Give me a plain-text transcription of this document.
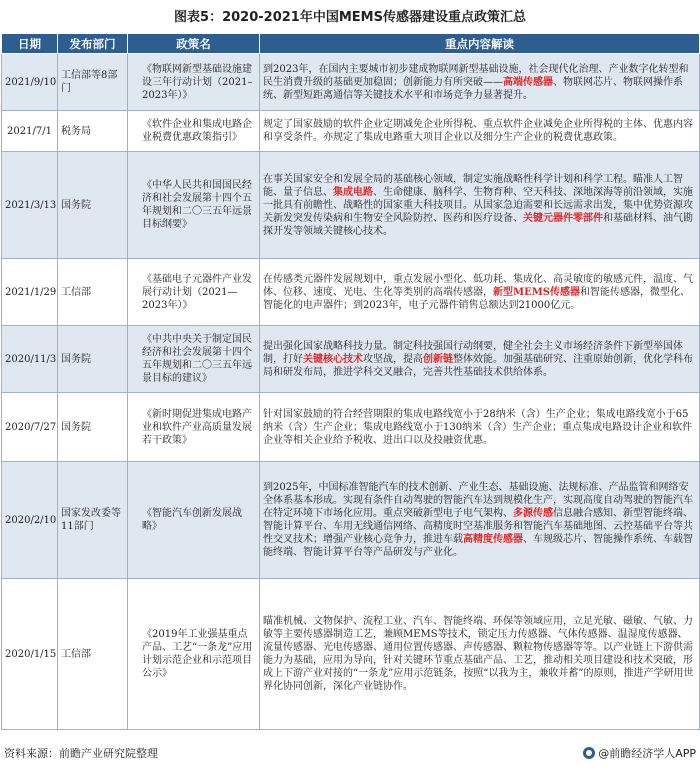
图表5：2020-2021年中国MEMS传感器建设重点政策汇总
日期	发布部门	政策名	重点内容解读
2021/9/10	工信部等8部门	《物联网新型基础设施建设三年行动计划（2021–2023年）》	到2023年，在国内主要城市初步建成物联网新型基础设施，社会现代化治理、产业数字化转型和民生消费升级的基础更加稳固；创新能力有所突破——高端传感器、物联网芯片、物联网操作系统、新型短距离通信等关键技术水平和市场竞争力显著提升。
2021/7/1	税务局	《软件企业和集成电路企业税费优惠政策指引》	规定了国家鼓励的软件企业定期减免企业所得税、重点软件企业减免企业所得税的主体、优惠内容和享受条件。亦规定了集成电路重大项目企业以及细分生产企业的税费优惠政策。
2021/3/13	国务院	《中华人民共和国国民经济和社会发展第十四个五年规划和二〇三五年远景目标纲要》	在事关国家安全和发展全局的基础核心领域，制定实施战略性科学计划和科学工程。瞄准人工智能、量子信息、集成电路、生命健康、脑科学、生物育种、空天科技、深地深海等前沿领域，实施一批具有前瞻性、战略性的国家重大科技项目。从国家急迫需要和长远需求出发，集中优势资源攻关新发突发传染病和生物安全风险防控、医药和医疗设备、关键元器件零部件和基础材料、油气勘探开发等领域关键核心技术。
2021/1/29	工信部	《基础电子元器件产业发展行动计划（2021—2023年）》	在传感类元器件发展规划中，重点发展小型化、低功耗、集成化、高灵敏度的敏感元件，温度、气体、位移、速度、光电、生化等类别的高端传感器，新型MEMS传感器和智能传感器，微型化、智能化的电声器件；到2023年，电子元器件销售总额达到21000亿元。
2020/11/3	国务院	《中共中央关于制定国民经济和社会发展第十四个五年规划和二〇三五年远景目标的建议》	提出强化国家战略科技力量。制定科技强国行动纲要，健全社会主义市场经济条件下新型举国体制，打好关键核心技术攻坚战，提高创新链整体效能。加强基础研究、注重原始创新，优化学科布局和研发布局，推进学科交叉融合，完善共性基础技术供给体系。
2020/7/27	国务院	《新时期促进集成电路产业和软件产业高质量发展若干政策》	针对国家鼓励的符合经营期限的集成电路线宽小于28纳米（含）生产企业；集成电路线宽小于65纳米（含）生产企业；集成电路线宽小于130纳米（含）生产企业；重点集成电路设计企业和软件企业等相关企业给予税收、进出口以及投融资优惠。
2020/2/10	国家发改委等11部门	《智能汽车创新发展战略》	到2025年，中国标准智能汽车的技术创新、产业生态、基础设施、法规标准、产品监管和网络安全体系基本形成。实现有条件自动驾驶的智能汽车达到规模化生产，实现高度自动驾驶的智能汽车在特定环境下市场化应用。重点突破新型电子电气架构、多源传感信息融合感知、新型智能终端、智能计算平台、车用无线通信网络、高精度时空基准服务和智能汽车基础地图、云控基础平台等共性交叉技术；增强产业核心竞争力，推进车载高精度传感器、车规级芯片、智能操作系统、车载智能终端、智能计算平台等产品研发与产业化。
2020/1/15	工信部	《2019年工业强基重点产品、工艺“一条龙”应用计划示范企业和示范项目公示》	瞄准机械、文物保护、流程工业、汽车、智能终端、环保等领域应用，立足光敏、磁敏、气敏、力敏等主要传感器制造工艺，兼顾MEMS等技术，锁定压力传感器、气体传感器、温湿度传感器、流量传感器、光电传感器、通用位置传感器、声传感器、颗粒物传感器等等。以产业链上下游供需能力为基础，应用为导向，针对关键环节重点基础产品、工艺，推动相关项目建设和技术突破，形成上下游产业对接的“一条龙”应用示范链条，按照“以我为主，兼收并蓄”的原则，推进产学研用世界化协同创新，深化产业链协作。
资料来源：前瞻产业研究院整理	@前瞻经济学人APP
